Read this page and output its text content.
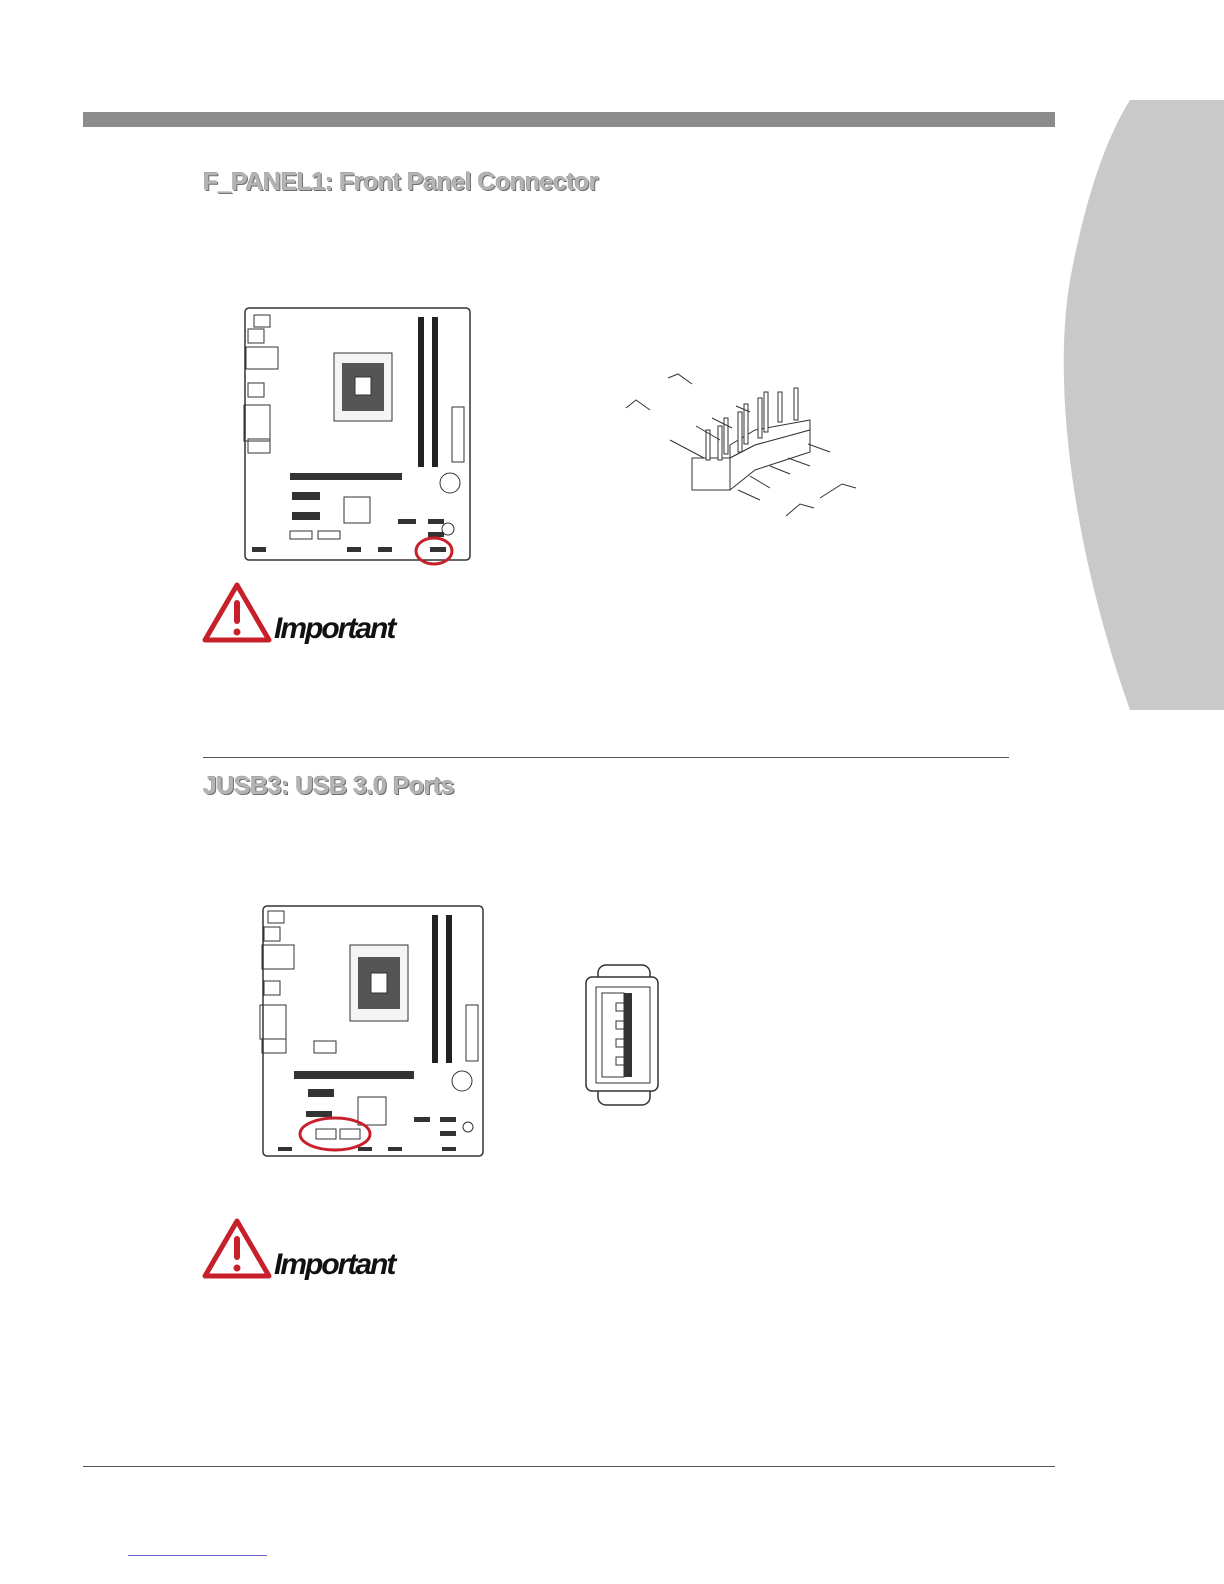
F_PANEL1: Front Panel Connector
Important
JUSB3: USB 3.0 Ports
Important
